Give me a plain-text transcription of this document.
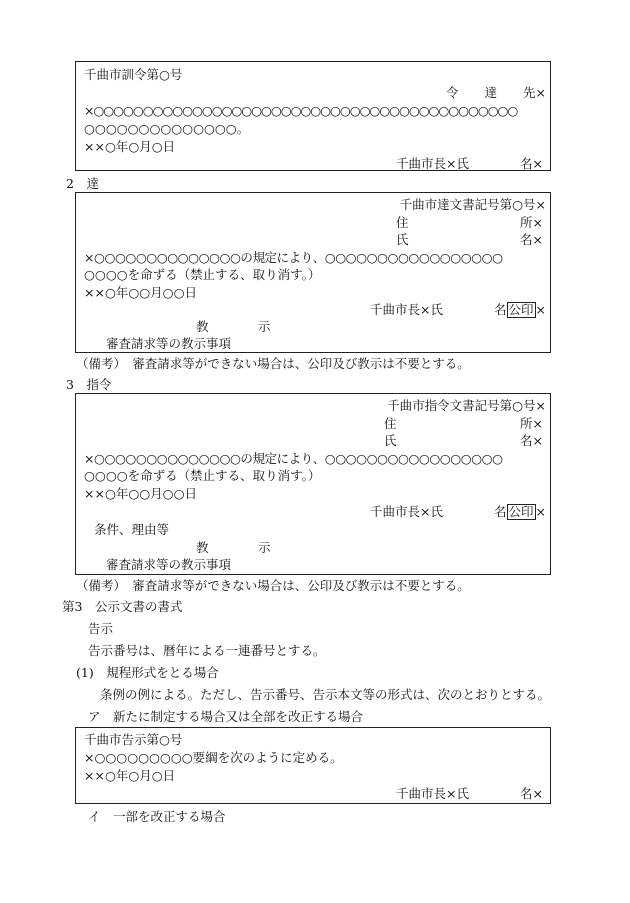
千曲市訓令第○号
令 達 先×
×○○○○○○○○○○○○○○○○○○○○○○○○○○○○○○○○○○○○○○○○○○○
○○○○○○○○○○○○○○。
××○年○月○日
千曲市長×氏	名×
2　達
千曲市達文書記号第○号×
住	所×
氏	名×
×○○○○○○○○○○○○○○の規定により、○○○○○○○○○○○○○○○○○
○○○○を命ずる（禁止する、取り消す。）
××○年○○月○○日
千曲市長×氏	名 公印 ×
教	示
審査請求等の教示事項
（備考）　審査請求等ができない場合は、公印及び教示は不要とする。
3　指令
千曲市指令文書記号第○号×
住	所×
氏	名×
×○○○○○○○○○○○○○○の規定により、○○○○○○○○○○○○○○○○○
○○○○を命ずる（禁止する、取り消す。）
××○年○○月○○日
千曲市長×氏	名 公印 ×
条件、理由等
教	示
審査請求等の教示事項
（備考）　審査請求等ができない場合は、公印及び教示は不要とする。
第3　公示文書の書式
告示
告示番号は、暦年による一連番号とする。
(1)　規程形式をとる場合
条例の例による。ただし、告示番号、告示本文等の形式は、次のとおりとする。
ア　新たに制定する場合又は全部を改正する場合
千曲市告示第○号
×○○○○○○○○○要綱を次のように定める。
××○年○月○日
千曲市長×氏	名×
イ　一部を改正する場合
